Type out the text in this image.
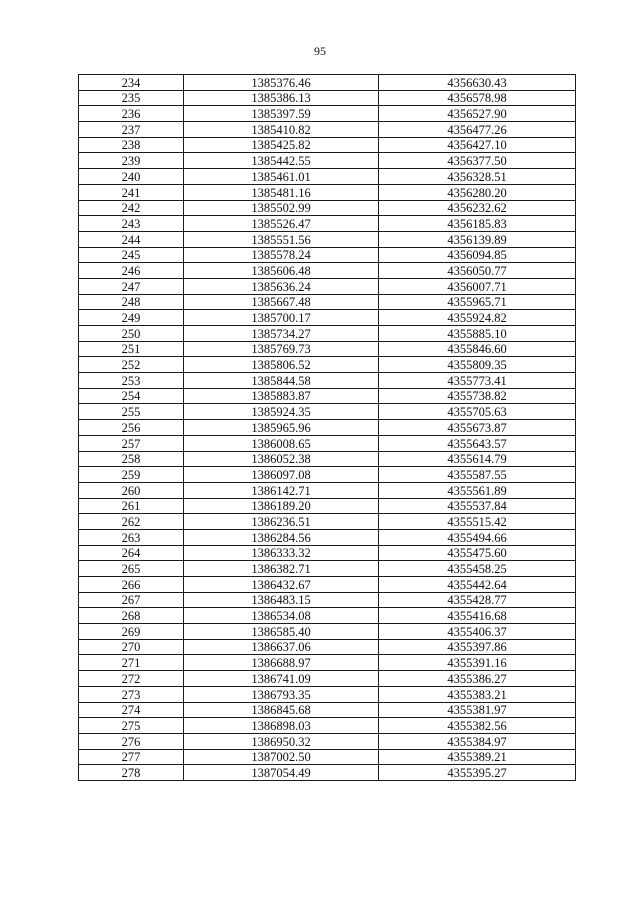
95
234	1385376.46	4356630.43
235	1385386.13	4356578.98
236	1385397.59	4356527.90
237	1385410.82	4356477.26
238	1385425.82	4356427.10
239	1385442.55	4356377.50
240	1385461.01	4356328.51
241	1385481.16	4356280.20
242	1385502.99	4356232.62
243	1385526.47	4356185.83
244	1385551.56	4356139.89
245	1385578.24	4356094.85
246	1385606.48	4356050.77
247	1385636.24	4356007.71
248	1385667.48	4355965.71
249	1385700.17	4355924.82
250	1385734.27	4355885.10
251	1385769.73	4355846.60
252	1385806.52	4355809.35
253	1385844.58	4355773.41
254	1385883.87	4355738.82
255	1385924.35	4355705.63
256	1385965.96	4355673.87
257	1386008.65	4355643.57
258	1386052.38	4355614.79
259	1386097.08	4355587.55
260	1386142.71	4355561.89
261	1386189.20	4355537.84
262	1386236.51	4355515.42
263	1386284.56	4355494.66
264	1386333.32	4355475.60
265	1386382.71	4355458.25
266	1386432.67	4355442.64
267	1386483.15	4355428.77
268	1386534.08	4355416.68
269	1386585.40	4355406.37
270	1386637.06	4355397.86
271	1386688.97	4355391.16
272	1386741.09	4355386.27
273	1386793.35	4355383.21
274	1386845.68	4355381.97
275	1386898.03	4355382.56
276	1386950.32	4355384.97
277	1387002.50	4355389.21
278	1387054.49	4355395.27
